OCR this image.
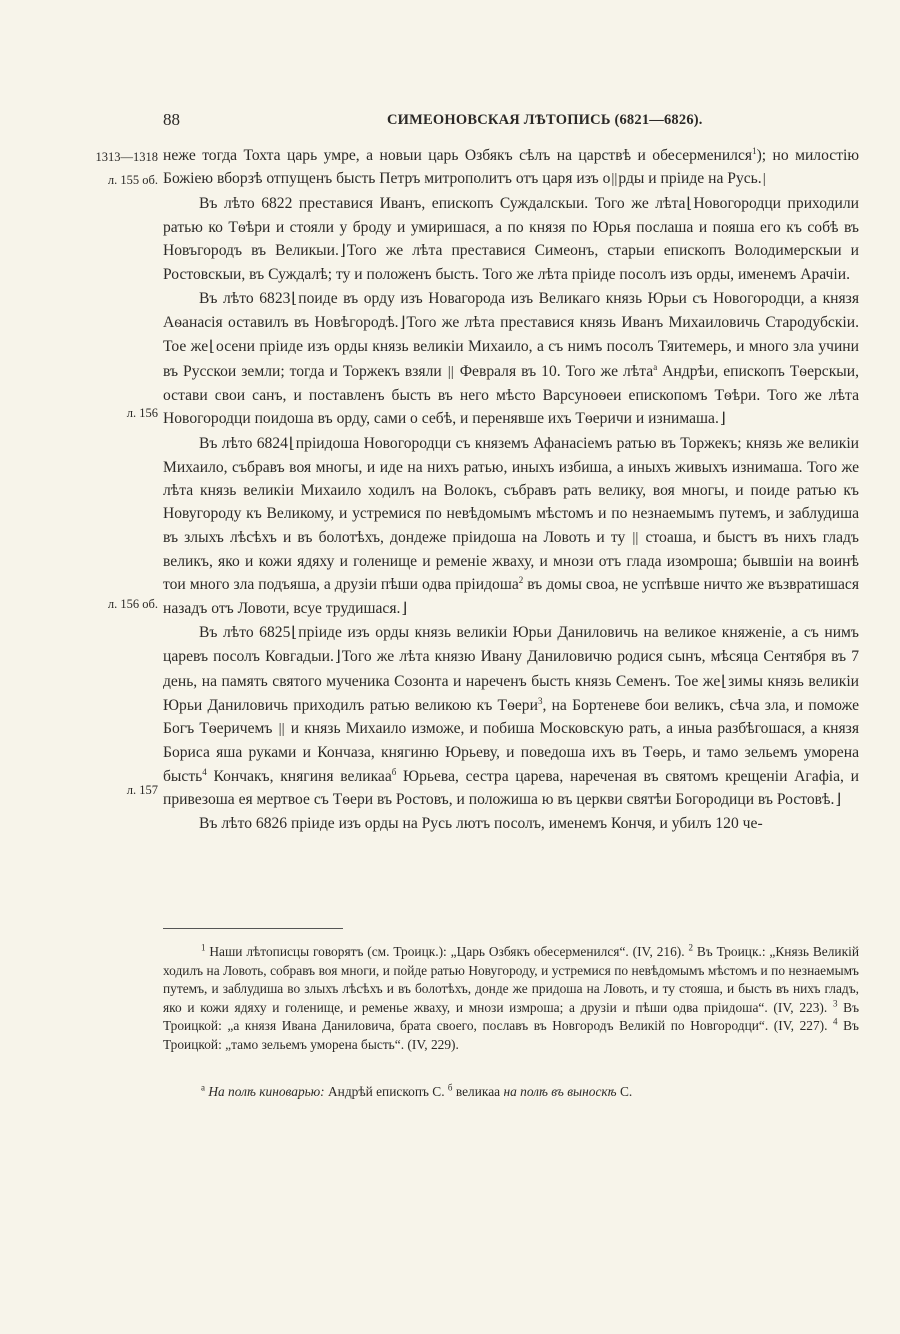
88	СИМЕОНОВСКАЯ ЛѢТОПИСЬ (6821—6826).
1313—1318
л. 155 об.
л. 156
л. 156 об.
л. 157

неже тогда Тохта царь умре, а новыи царь Озбякъ сѣлъ на царствѣ и обесерменился$^1$); но милостію Божіею вборзѣ отпущенъ бысть Петръ митрополитъ отъ царя изъ о||рды и пріиде на Русь.|

Въ лѣто 6822 преставися Иванъ, епископъ Суждалскыи. Того же лѣта⌊Новогородци приходили ратью ко Тѳѣри и стояли у броду и умиришася, а по князя по Юрья послаша и пояша его къ собѣ въ Новъгородъ въ Великыи.⌋Того же лѣта преставися Симеонъ, старыи епископъ Володимерскыи и Ростовскыи, въ Суждалѣ; ту и положенъ бысть. Того же лѣта пріиде посолъ изъ орды, именемъ Арачіи.

Въ лѣто 6823⌊поиде въ орду изъ Новагорода изъ Великаго князь Юрьи съ Новогородци, а князя Аѳанасія оставилъ въ Новѣгородѣ.⌋Того же лѣта преставися князь Иванъ Михаиловичь Стародубскіи. Тое же⌊осени пріиде изъ орды князь великіи Михаило, а съ нимъ посолъ Тяитемерь, и много зла учини въ Русскои земли; тогда и Торжекъ взяли || Февраля въ 10. Того же лѣта$^а$ Андрѣи, епископъ Тѳерскыи, остави свои санъ, и поставленъ бысть въ него мѣсто Варсуноѳеи епископомъ Тѳѣри. Того же лѣта Новогородци поидоша въ орду, сами о себѣ, и перенявше ихъ Тѳеричи и изнимаша.⌋

Въ лѣто 6824⌊пріидоша Новогородци съ княземъ Афанасіемъ ратью въ Торжекъ; князь же великіи Михаило, събравъ воя многы, и иде на нихъ ратью, иныхъ избиша, а иныхъ живыхъ изнимаша. Того же лѣта князь великіи Михаило ходилъ на Волокъ, събравъ рать велику, воя многы, и поиде ратью къ Новугороду къ Великому, и устремися по невѣдомымъ мѣстомъ и по незнаемымъ путемъ, и заблудиша въ злыхъ лѣсѣхъ и въ болотѣхъ, дондеже пріидоша на Ловоть и ту || стоаша, и быстъ въ нихъ гладъ великъ, яко и кожи ядяху и голенище и ременіе жваху, и мнози отъ глада изомроша; бывшіи на воинѣ тои много зла подъяша, а друзіи пѣши одва пріидоша$^2$ въ домы своа, не успѣвше ничто же възвратишася назадъ отъ Ловоти, всуе трудишася.⌋

Въ лѣто 6825⌊пріиде изъ орды князь великіи Юрьи Даниловичь на великое княженіе, а съ нимъ царевъ посолъ Ковгадыи.⌋Того же лѣта князю Ивану Даниловичю родися сынъ, мѣсяца Сентября въ 7 день, на память святого мученика Созонта и нареченъ бысть князь Семенъ. Тое же⌊зимы князь великіи Юрьи Даниловичь приходилъ ратью великою къ Тѳери$^3$, на Бортеневе бои великъ, сѣча зла, и поможе Богъ Тѳеричемъ || и князь Михаило изможе, и побиша Московскую рать, а иныа разбѣгошася, а князя Бориса яша руками и Кончаза, княгиню Юрьеву, и поведоша ихъ въ Тѳерь, и тамо зельемъ уморена бысть$^4$ Кончакъ, княгиня великаа$^б$ Юрьева, сестра царева, нареченая въ святомъ крещеніи Агафіа, и привезоша ея мертвое съ Тѳери въ Ростовъ, и положиша ю въ церкви святѣи Богородици въ Ростовѣ.⌋

Въ лѣто 6826 пріиде изъ орды на Русь лютъ посолъ, именемъ Кончя, и убилъ 120 че-

$^1$ Наши лѣтописцы говорятъ (см. Троицк.): „Царь Озбякъ обесерменился“. (IV, 216). $^2$ Въ Троицк.: „Князь Великій ходилъ на Ловоть, собравъ воя многи, и пойде ратью Новугороду, и устремися по невѣдомымъ мѣстомъ и по незнаемымъ путемъ, и заблудиша во злыхъ лѣсѣхъ и въ болотѣхъ, донде же придоша на Ловоть, и ту стояша, и бысть въ нихъ гладъ, яко и кожи ядяху и голенище, и ременье жваху, и мнози измроша; а друзіи и пѣши одва пріидоша“. (IV, 223). $^3$ Въ Троицкой: „а князя Ивана Даниловича, брата своего, пославъ въ Новгородъ Великій по Новгородци“. (IV, 227). $^4$ Въ Троицкой: „тамо зельемъ уморена бысть“. (IV, 229).
$^а$ На полѣ киноварью: Андрѣй епископъ С. $^б$ великаа на полѣ въ выноскѣ С.
